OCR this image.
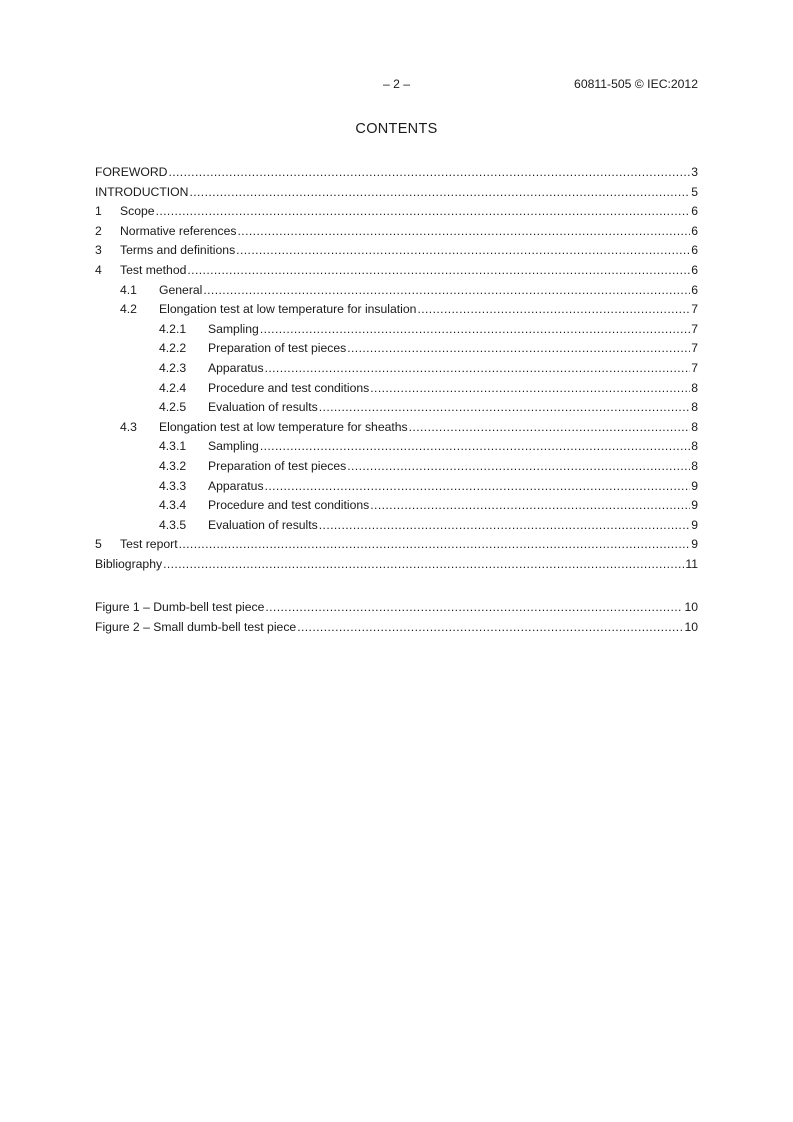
– 2 –	60811-505 © IEC:2012
CONTENTS
FOREWORD .....	3
INTRODUCTION .....	5
1	Scope .....	6
2	Normative references .....	6
3	Terms and definitions .....	6
4	Test method .....	6
4.1	General .....	6
4.2	Elongation test at low temperature for insulation .....	7
4.2.1	Sampling .....	7
4.2.2	Preparation of test pieces .....	7
4.2.3	Apparatus .....	7
4.2.4	Procedure and test conditions .....	8
4.2.5	Evaluation of results .....	8
4.3	Elongation test at low temperature for sheaths .....	8
4.3.1	Sampling .....	8
4.3.2	Preparation of test pieces .....	8
4.3.3	Apparatus .....	9
4.3.4	Procedure and test conditions .....	9
4.3.5	Evaluation of results .....	9
5	Test report .....	9
Bibliography .....	11
Figure 1 – Dumb-bell test piece .....	10
Figure 2 – Small dumb-bell test piece .....	10
